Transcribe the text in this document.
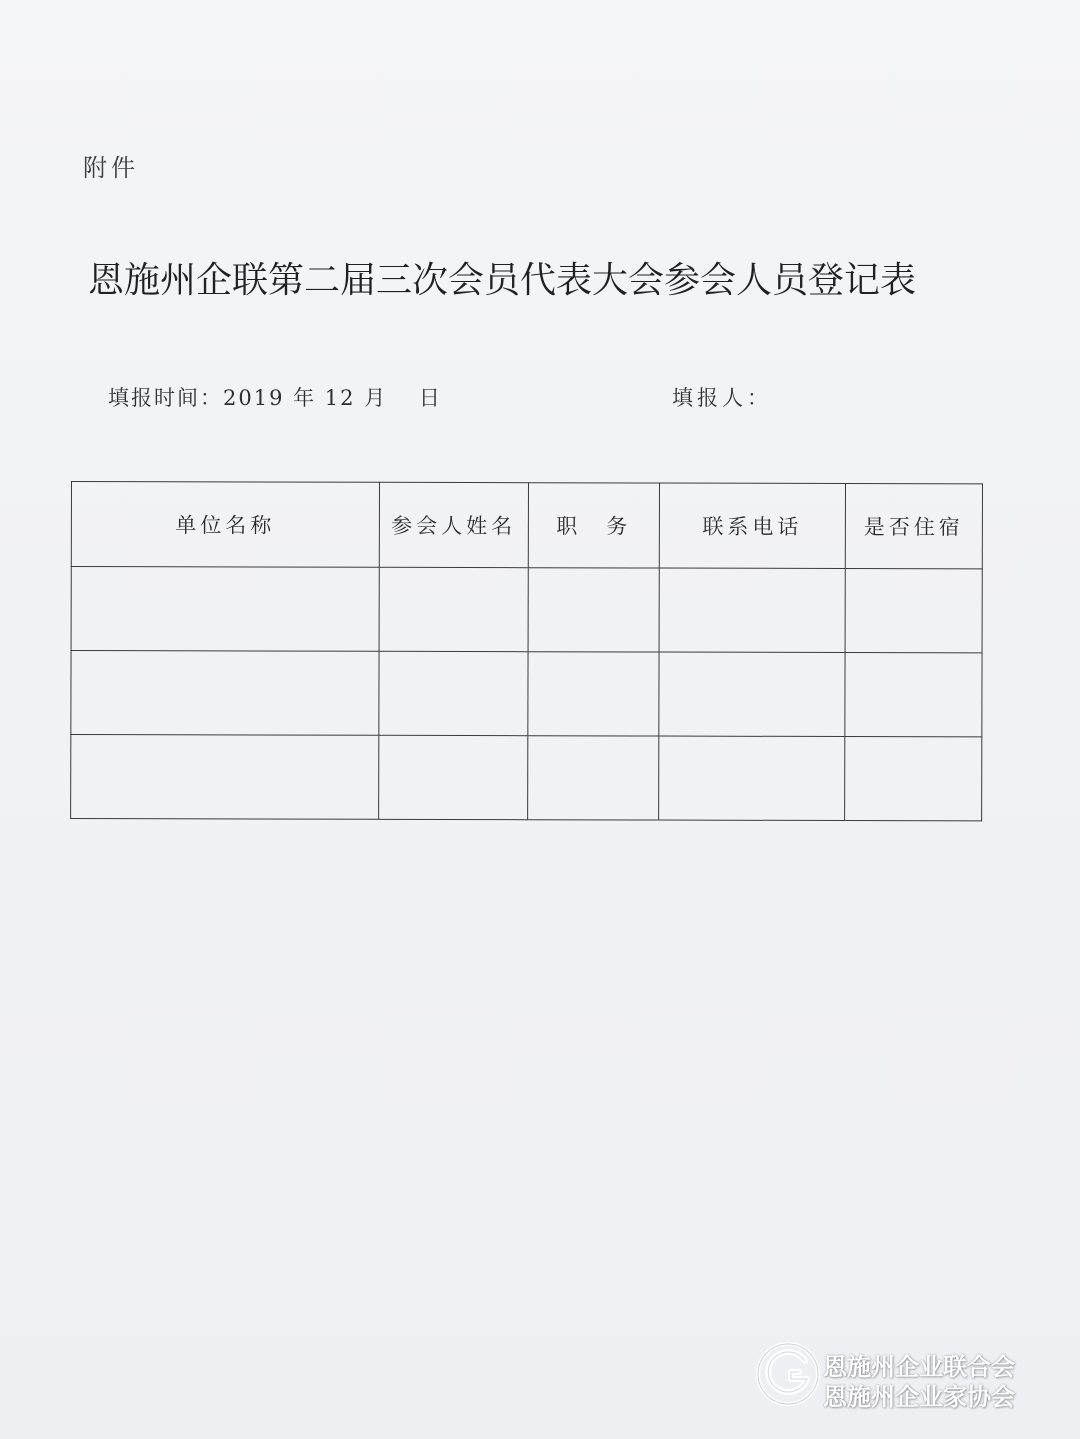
附件
恩施州企联第二届三次会员代表大会参会人员登记表
填报时间：2019 年 12 月　 日	填报人：
单位名称	参会人姓名	职　务	联系电话	是否住宿

恩施州企业联合会
恩施州企业家协会
